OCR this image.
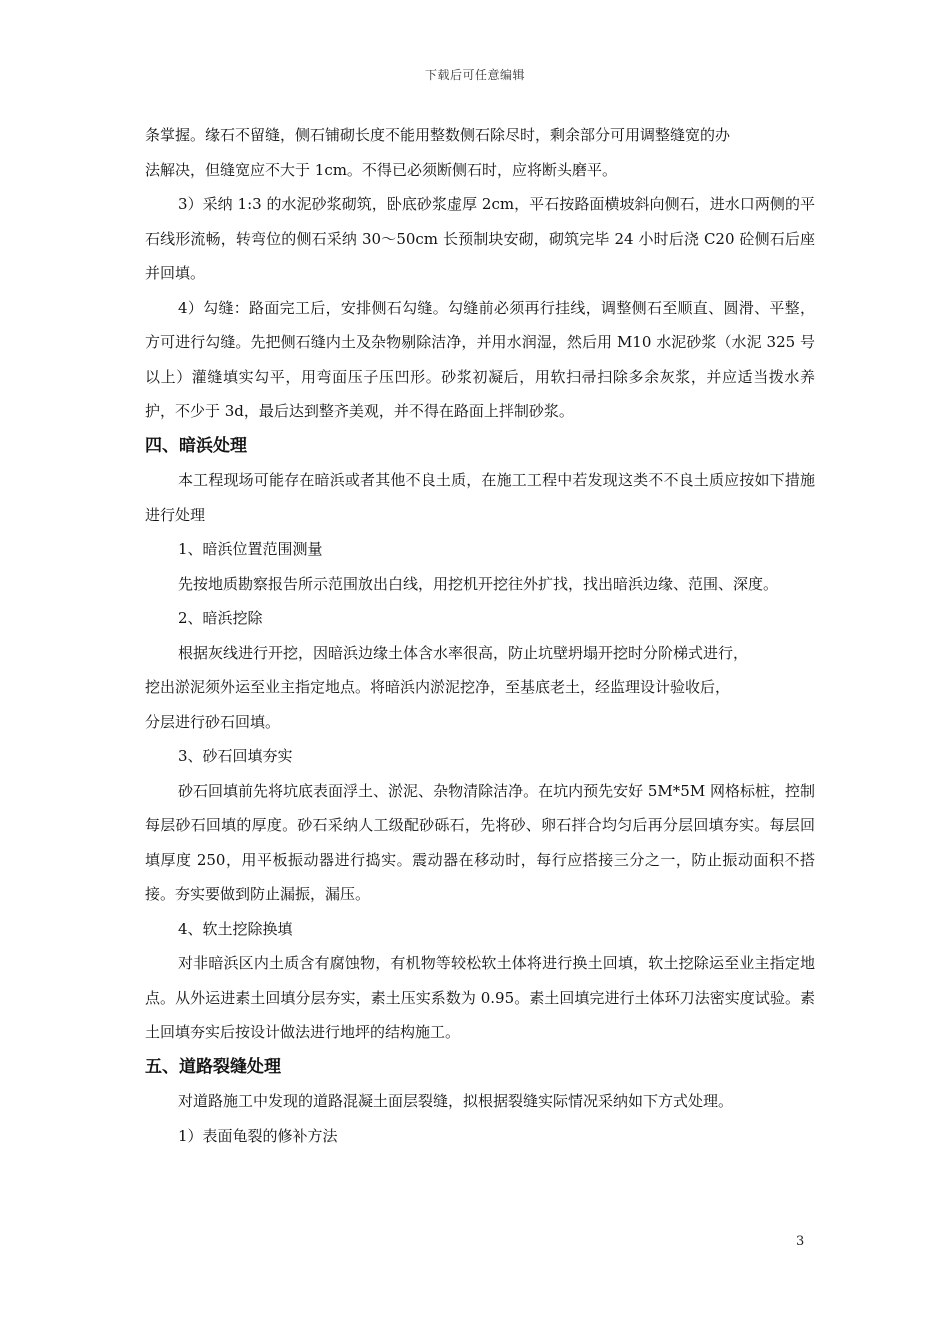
下载后可任意编辑

条掌握。缘石不留缝，侧石铺砌长度不能用整数侧石除尽时，剩余部分可用调整缝宽的办

法解决，但缝宽应不大于 1cm。不得已必须断侧石时，应将断头磨平。

3）采纳 1:3 的水泥砂浆砌筑，卧底砂浆虚厚 2cm，平石按路面横坡斜向侧石，进水口两侧的平石线形流畅，转弯位的侧石采纳 30～50cm 长预制块安砌，砌筑完毕 24 小时后浇 C20 砼侧石后座并回填。

4）勾缝：路面完工后，安排侧石勾缝。勾缝前必须再行挂线，调整侧石至顺直、圆滑、平整，方可进行勾缝。先把侧石缝内土及杂物剔除洁净，并用水润湿，然后用 M10 水泥砂浆（水泥 325 号以上）灌缝填实勾平，用弯面压子压凹形。砂浆初凝后，用软扫帚扫除多余灰浆，并应适当拨水养护，不少于 3d，最后达到整齐美观，并不得在路面上拌制砂浆。

四、暗浜处理

本工程现场可能存在暗浜或者其他不良土质，在施工工程中若发现这类不不良土质应按如下措施进行处理

1、暗浜位置范围测量

先按地质勘察报告所示范围放出白线，用挖机开挖往外扩找，找出暗浜边缘、范围、深度。

2、暗浜挖除

根据灰线进行开挖，因暗浜边缘土体含水率很高，防止坑壁坍塌开挖时分阶梯式进行，

挖出淤泥须外运至业主指定地点。将暗浜内淤泥挖净，至基底老土，经监理设计验收后，

分层进行砂石回填。

3、砂石回填夯实

砂石回填前先将坑底表面浮土、淤泥、杂物清除洁净。在坑内预先安好 5M*5M 网格标桩，控制每层砂石回填的厚度。砂石采纳人工级配砂砾石，先将砂、卵石拌合均匀后再分层回填夯实。每层回填厚度 250，用平板振动器进行捣实。震动器在移动时，每行应搭接三分之一，防止振动面积不搭接。夯实要做到防止漏振，漏压。

4、软土挖除换填

对非暗浜区内土质含有腐蚀物，有机物等较松软土体将进行换土回填，软土挖除运至业主指定地点。从外运进素土回填分层夯实，素土压实系数为 0.95。素土回填完进行土体环刀法密实度试验。素土回填夯实后按设计做法进行地坪的结构施工。

五、道路裂缝处理

对道路施工中发现的道路混凝土面层裂缝，拟根据裂缝实际情况采纳如下方式处理。

1）表面龟裂的修补方法

3
